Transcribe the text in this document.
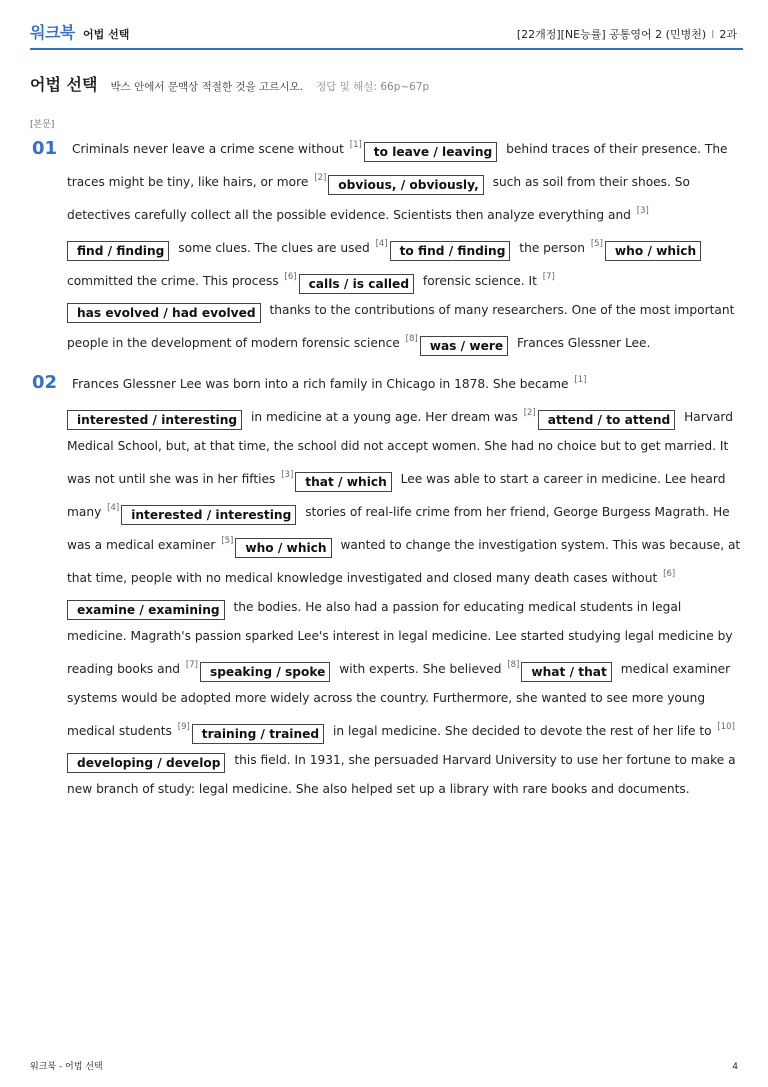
워크북 어법 선택	[22개정][NE능률] 공통영어 2 (민병천) I 2과
어법 선택 박스 안에서 문맥상 적절한 것을 고르시오. 정답 및 해설: 66p~67p
[본문]
01	Criminals never leave a crime scene without [1] to leave / leaving behind traces of their presence. The traces might be tiny, like hairs, or more [2] obvious, / obviously, such as soil from their shoes. So detectives carefully collect all the possible evidence. Scientists then analyze everything and [3]find / finding some clues. The clues are used [4] to find / finding the person [5] who / which committed the crime. This process [6] calls / is called forensic science. It [7]has evolved / had evolved thanks to the contributions of many researchers. One of the most important people in the development of modern forensic science [8] was / were Frances Glessner Lee.
02	Frances Glessner Lee was born into a rich family in Chicago in 1878. She became [1]interested / interesting in medicine at a young age. Her dream was [2] attend / to attend Harvard Medical School, but, at that time, the school did not accept women. She had no choice but to get married. It was not until she was in her fifties [3] that / which Lee was able to start a career in medicine. Lee heard many [4] interested / interesting stories of real-life crime from her friend, George Burgess Magrath. He was a medical examiner [5] who / which wanted to change the investigation system. This was because, at that time, people with no medical knowledge investigated and closed many death cases without [6]examine / examining the bodies. He also had a passion for educating medical students in legal medicine. Magrath's passion sparked Lee's interest in legal medicine. Lee started studying legal medicine by reading books and [7] speaking / spoke with experts. She believed [8] what / that medical examiner systems would be adopted more widely across the country. Furthermore, she wanted to see more young medical students [9] training / trained in legal medicine. She decided to devote the rest of her life to [10]developing / develop this field. In 1931, she persuaded Harvard University to use her fortune to make a new branch of study: legal medicine. She also helped set up a library with rare books and documents.
워크북 - 어법 선택	4
